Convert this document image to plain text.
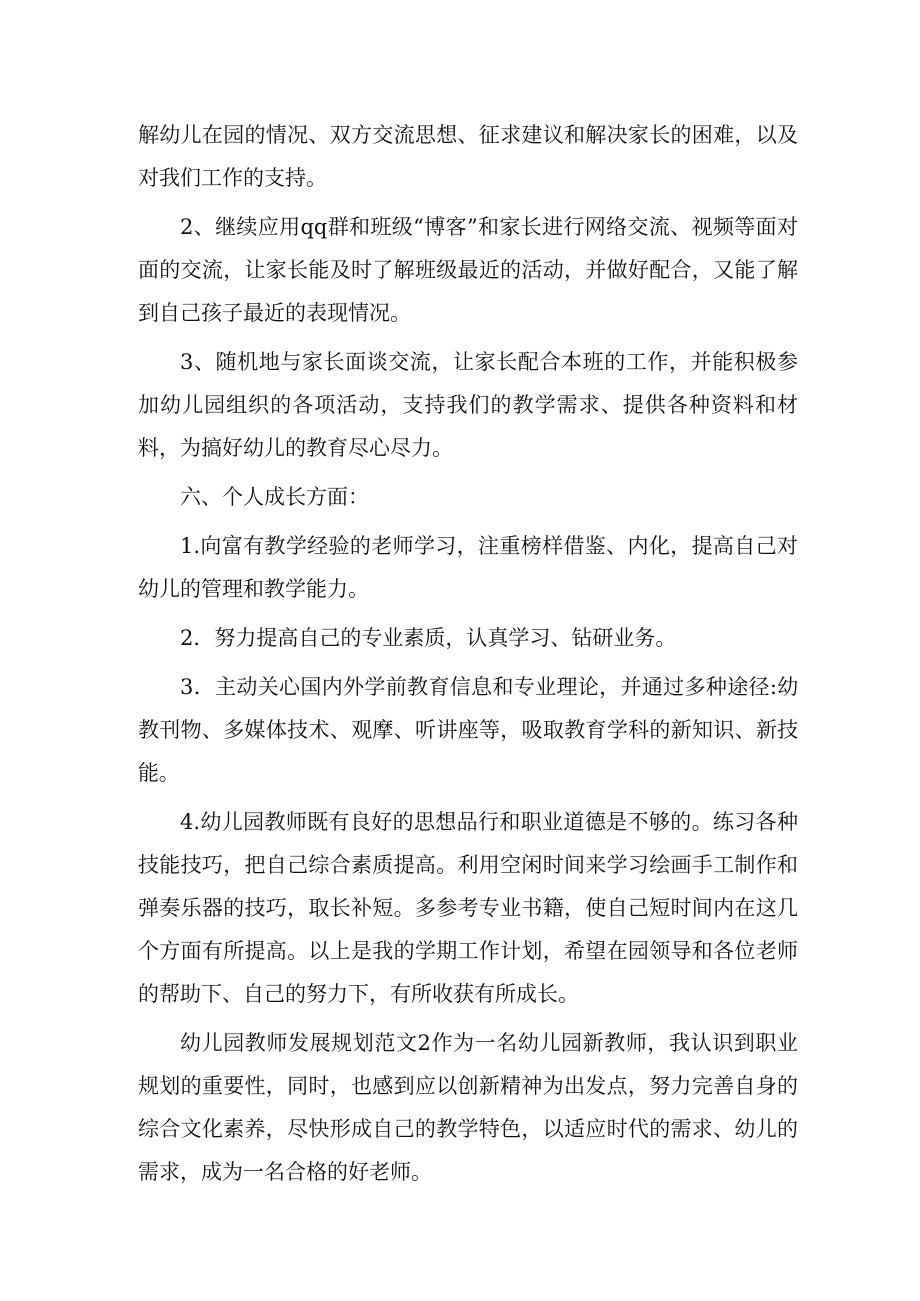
解幼儿在园的情况、双方交流思想、征求建议和解决家长的困难，以及对我们工作的支持。

2、继续应用qq群和班级“博客”和家长进行网络交流、视频等面对面的交流，让家长能及时了解班级最近的活动，并做好配合，又能了解到自己孩子最近的表现情况。

3、随机地与家长面谈交流，让家长配合本班的工作，并能积极参加幼儿园组织的各项活动，支持我们的教学需求、提供各种资料和材料，为搞好幼儿的教育尽心尽力。

六、个人成长方面：

1.向富有教学经验的老师学习，注重榜样借鉴、内化，提高自己对幼儿的管理和教学能力。

2．努力提高自己的专业素质，认真学习、钻研业务。

3．主动关心国内外学前教育信息和专业理论，并通过多种途径:幼教刊物、多媒体技术、观摩、听讲座等，吸取教育学科的新知识、新技能。

4.幼儿园教师既有良好的思想品行和职业道德是不够的。练习各种技能技巧，把自己综合素质提高。利用空闲时间来学习绘画手工制作和弹奏乐器的技巧，取长补短。多参考专业书籍，使自己短时间内在这几个方面有所提高。以上是我的学期工作计划，希望在园领导和各位老师的帮助下、自己的努力下，有所收获有所成长。

幼儿园教师发展规划范文2作为一名幼儿园新教师，我认识到职业规划的重要性，同时，也感到应以创新精神为出发点，努力完善自身的综合文化素养，尽快形成自己的教学特色，以适应时代的需求、幼儿的需求，成为一名合格的好老师。
